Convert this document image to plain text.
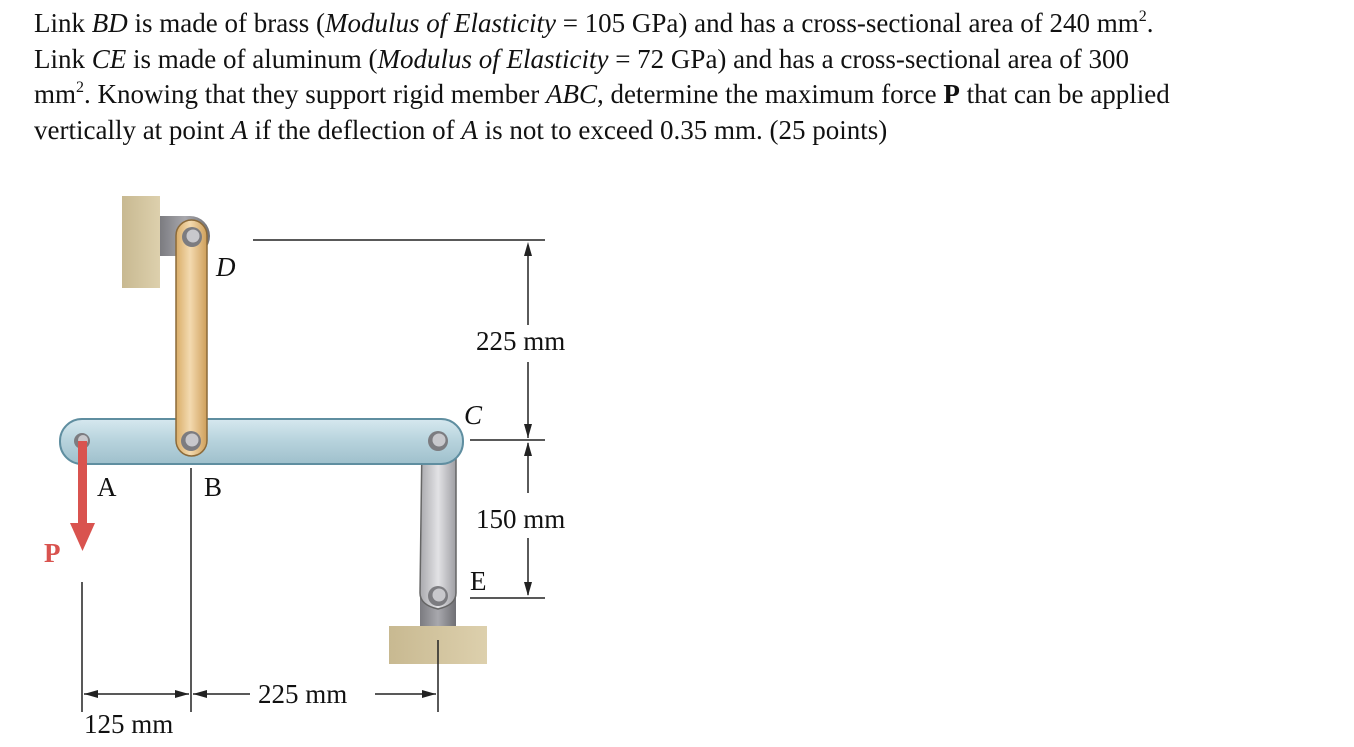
Link BD is made of brass (Modulus of Elasticity = 105 GPa) and has a cross-sectional area of 240 $mm^2$.
Link CE is made of aluminum (Modulus of Elasticity = 72 GPa) and has a cross-sectional area of 300
$mm^2$. Knowing that they support rigid member ABC, determine the maximum force P that can be applied
vertically at point A if the deflection of A is not to exceed 0.35 mm. (25 points)

D
C
A	B
E
P
225 mm
150 mm
125 mm
225 mm
